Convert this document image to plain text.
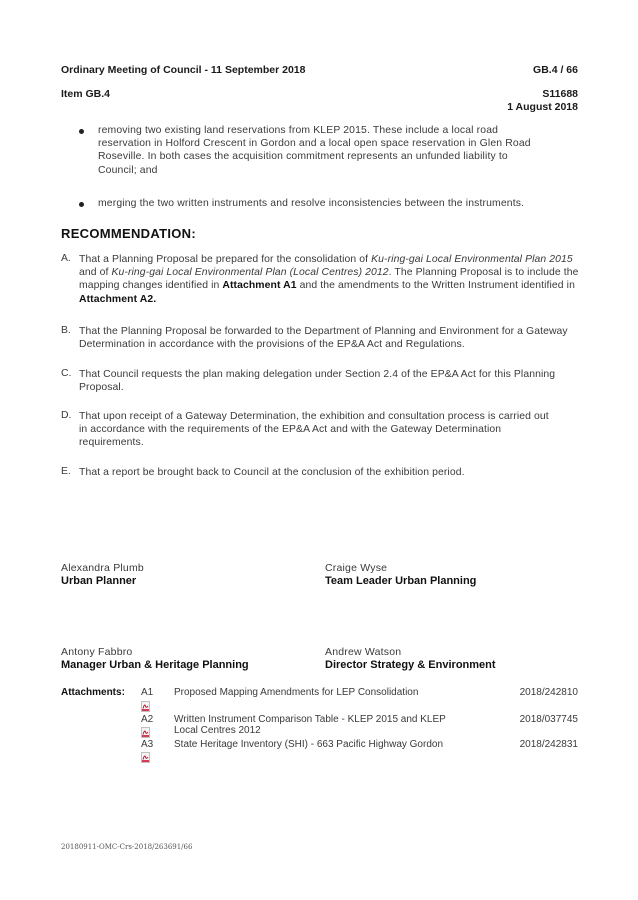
Ordinary Meeting of Council - 11 September 2018	GB.4 / 66
Item GB.4	S11688
1 August 2018
removing two existing land reservations from KLEP 2015. These include a local road
reservation in Holford Crescent in Gordon and a local open space reservation in Glen Road
Roseville. In both cases the acquisition commitment represents an unfunded liability to
Council; and
merging the two written instruments and resolve inconsistencies between the instruments.
RECOMMENDATION:
A. That a Planning Proposal be prepared for the consolidation of Ku-ring-gai Local Environmental Plan 2015 and of Ku-ring-gai Local Environmental Plan (Local Centres) 2012. The Planning Proposal is to include the mapping changes identified in Attachment A1 and the amendments to the Written Instrument identified in Attachment A2.
B. That the Planning Proposal be forwarded to the Department of Planning and Environment for a Gateway Determination in accordance with the provisions of the EP&A Act and Regulations.
C. That Council requests the plan making delegation under Section 2.4 of the EP&A Act for this Planning Proposal.
D. That upon receipt of a Gateway Determination, the exhibition and consultation process is carried out in accordance with the requirements of the EP&A Act and with the Gateway Determination requirements.
E. That a report be brought back to Council at the conclusion of the exhibition period.
Alexandra Plumb
Urban Planner
Craige Wyse
Team Leader Urban Planning
Antony Fabbro
Manager Urban & Heritage Planning
Andrew Watson
Director Strategy & Environment
Attachments: A1 Proposed Mapping Amendments for LEP Consolidation	2018/242810
A2 Written Instrument Comparison Table - KLEP 2015 and KLEP
Local Centres 2012
2018/037745
A3 State Heritage Inventory (SHI) - 663 Pacific Highway Gordon	2018/242831
20180911-OMC-Crs-2018/263691/66
